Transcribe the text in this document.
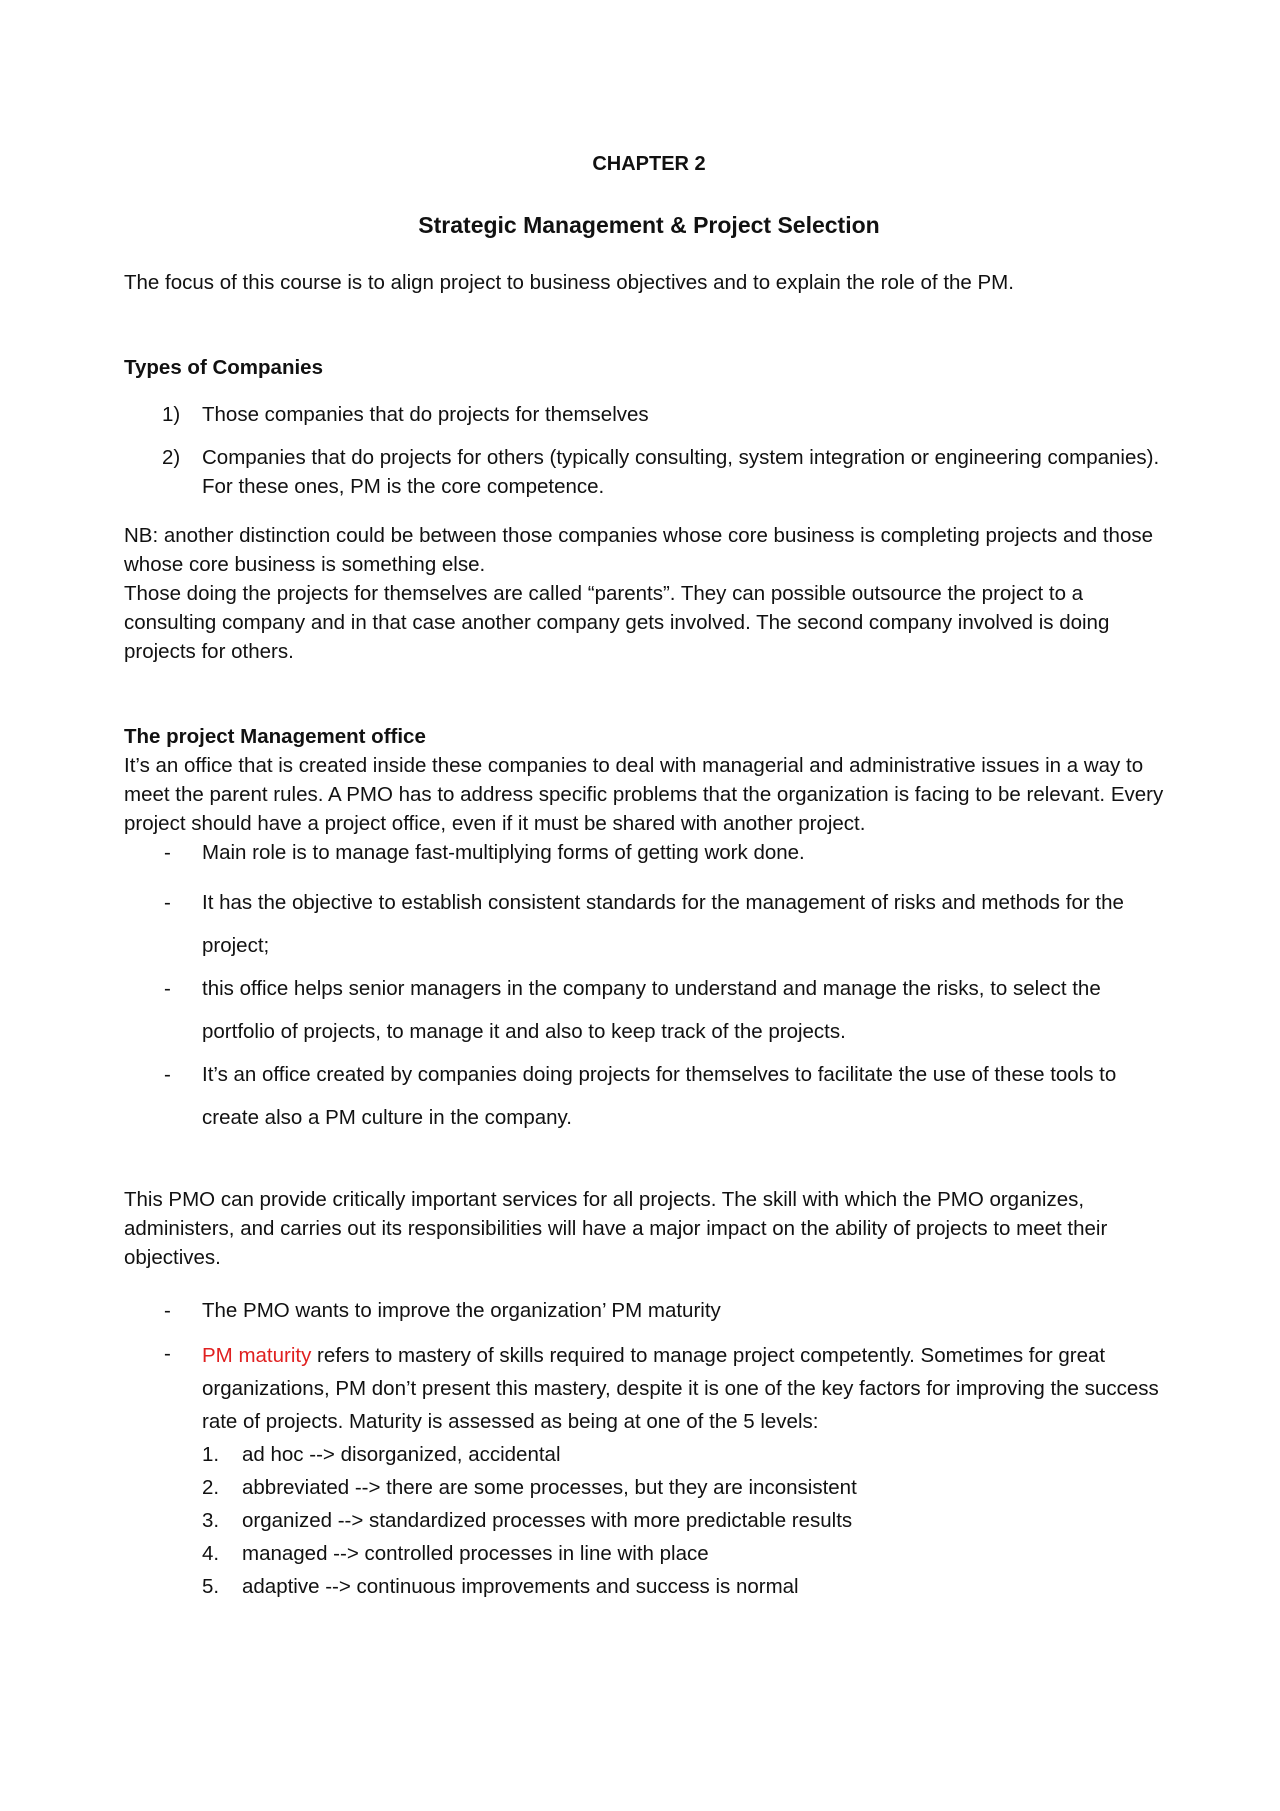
CHAPTER 2
Strategic Management & Project Selection

The focus of this course is to align project to business objectives and to explain the role of the PM.

Types of Companies
1) Those companies that do projects for themselves
2) Companies that do projects for others (typically consulting, system integration or engineering companies). For these ones, PM is the core competence.

NB: another distinction could be between those companies whose core business is completing projects and those whose core business is something else.

Those doing the projects for themselves are called “parents”. They can possible outsource the project to a consulting company and in that case another company gets involved. The second company involved is doing projects for others.

The project Management office

It’s an office that is created inside these companies to deal with managerial and administrative issues in a way to meet the parent rules. A PMO has to address specific problems that the organization is facing to be relevant. Every project should have a project office, even if it must be shared with another project.

- Main role is to manage fast-multiplying forms of getting work done.
- It has the objective to establish consistent standards for the management of risks and methods for the project;
- this office helps senior managers in the company to understand and manage the risks, to select the portfolio of projects, to manage it and also to keep track of the projects.
- It’s an office created by companies doing projects for themselves to facilitate the use of these tools to create also a PM culture in the company.

This PMO can provide critically important services for all projects. The skill with which the PMO organizes, administers, and carries out its responsibilities will have a major impact on the ability of projects to meet their objectives.

- The PMO wants to improve the organization’ PM maturity
- PM maturity refers to mastery of skills required to manage project competently. Sometimes for great organizations, PM don’t present this mastery, despite it is one of the key factors for improving the success rate of projects. Maturity is assessed as being at one of the 5 levels:
1. ad hoc --> disorganized, accidental
2. abbreviated --> there are some processes, but they are inconsistent
3. organized --> standardized processes with more predictable results
4. managed --> controlled processes in line with place
5. adaptive --> continuous improvements and success is normal
